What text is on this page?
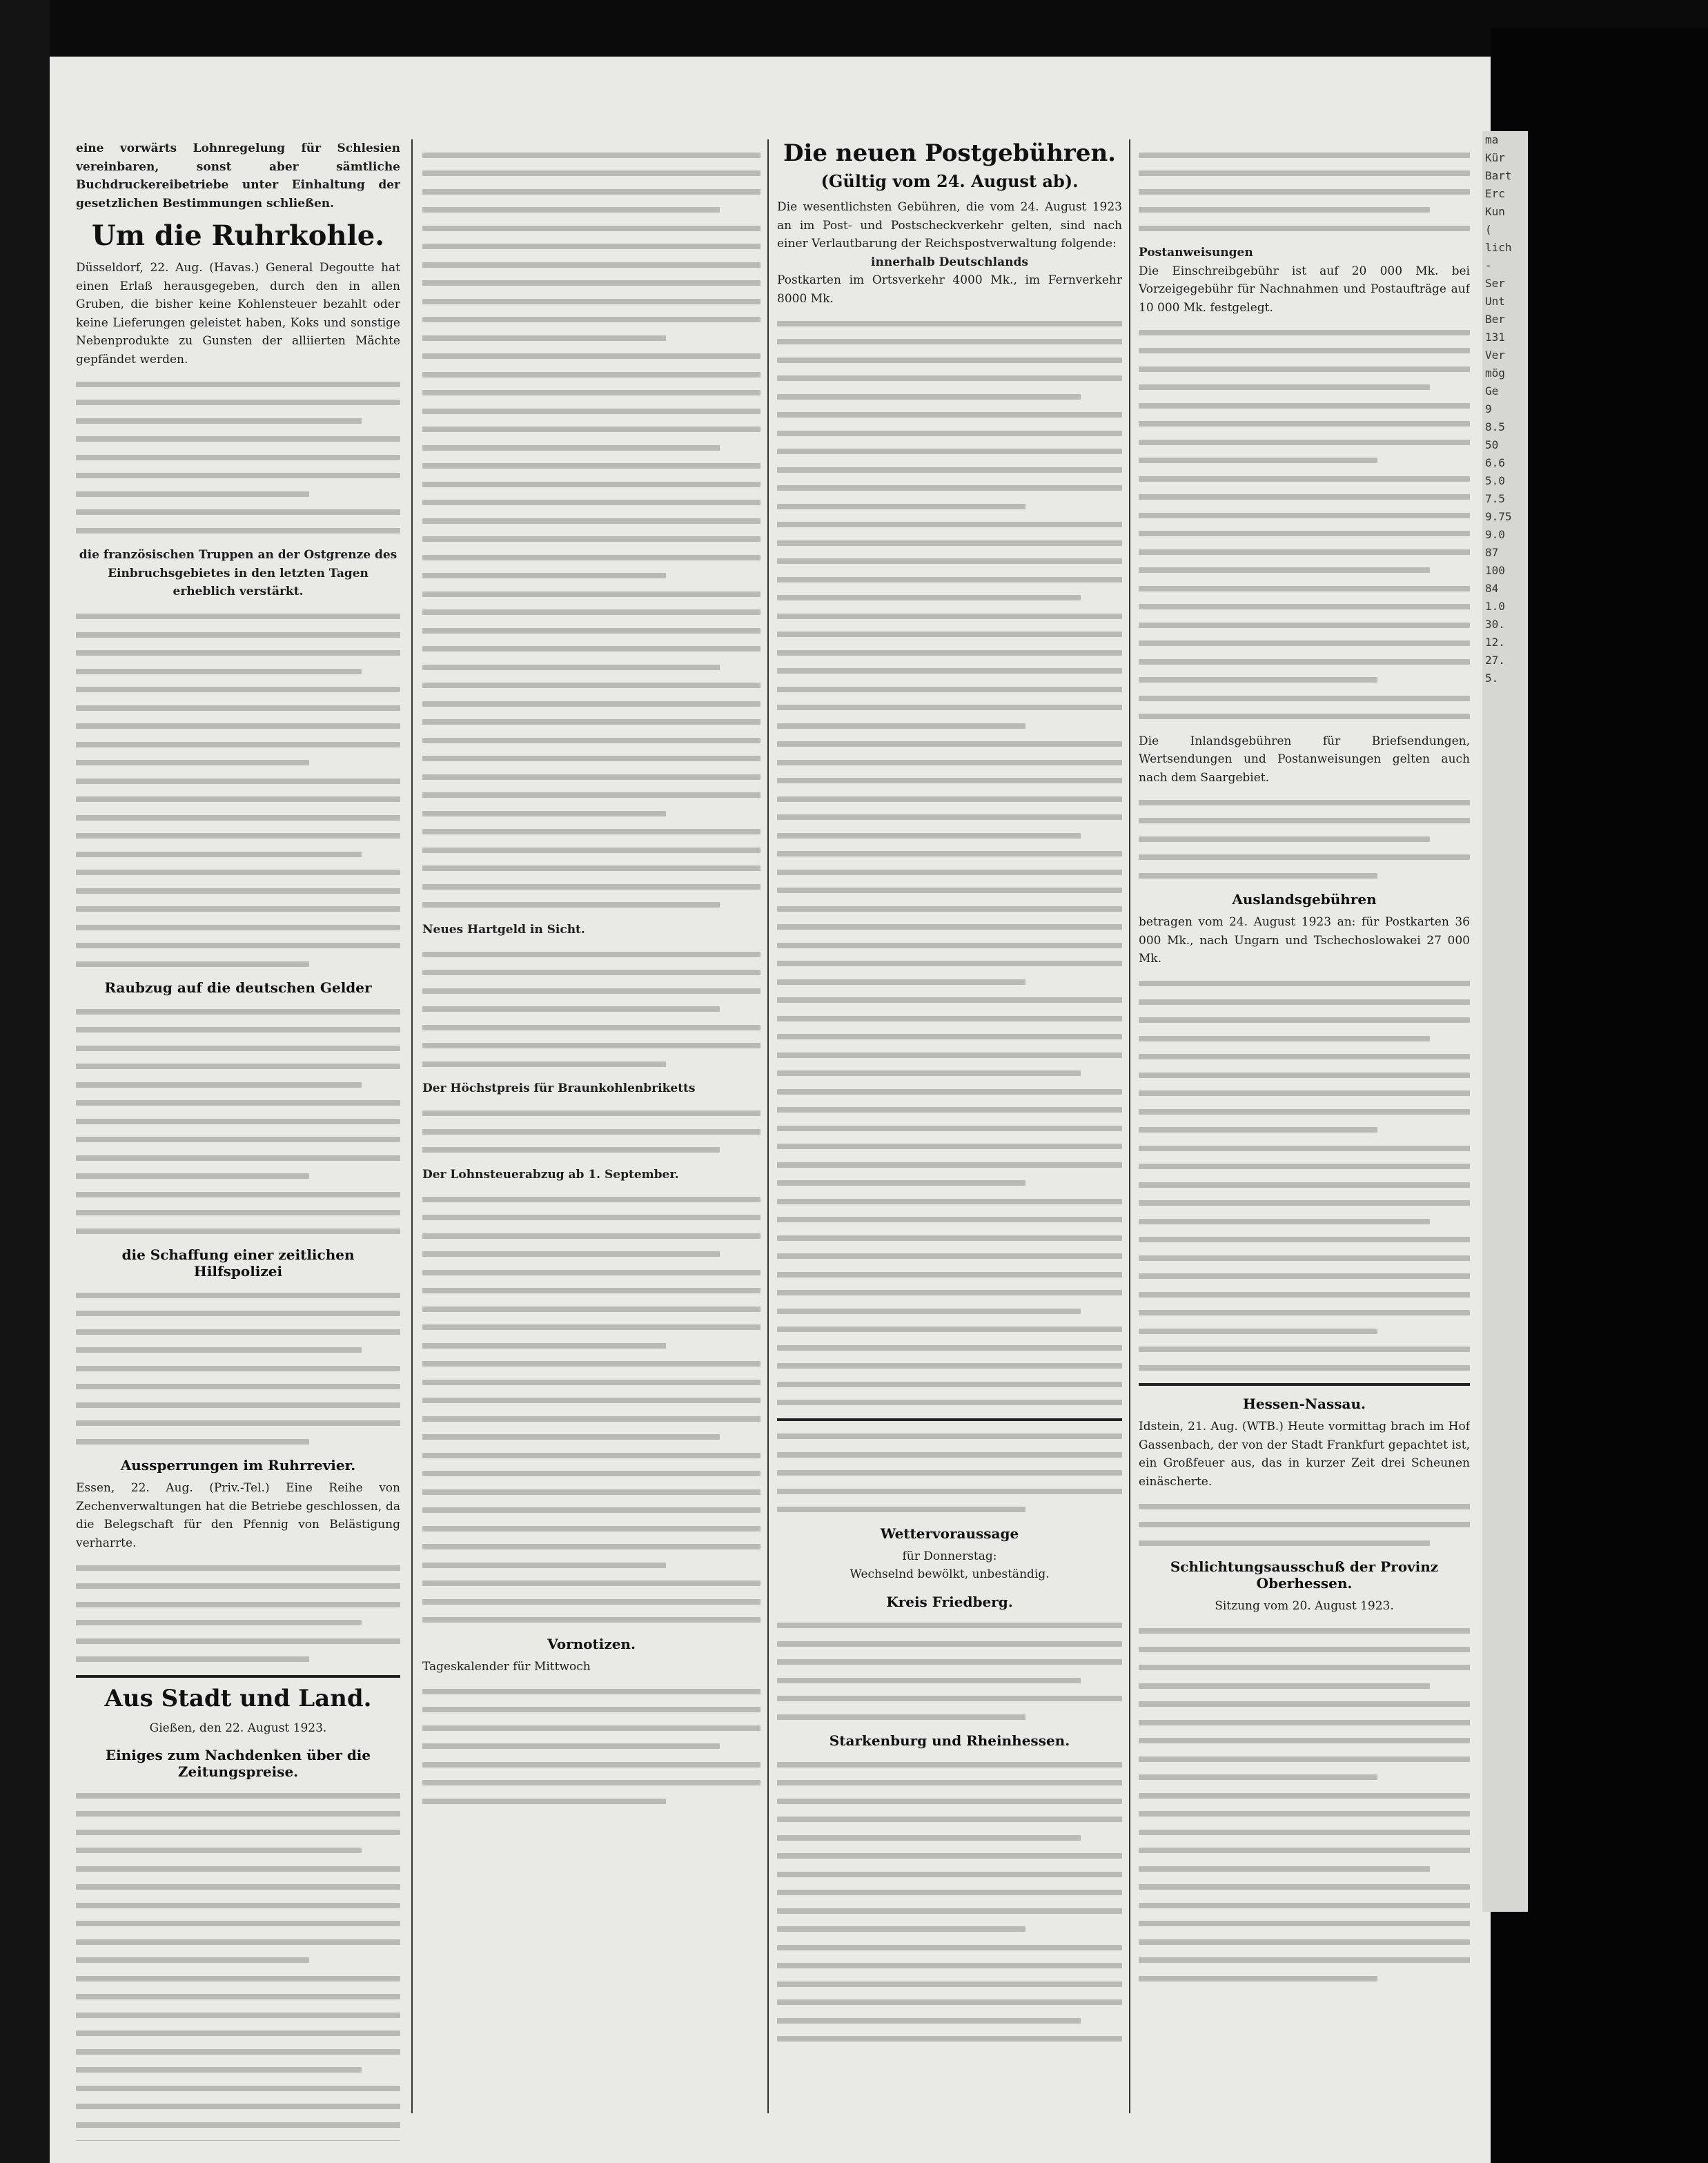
eine vorwärts Lohnregelung für Schlesien vereinbaren, sonst aber sämtliche Buchdruckereibetriebe unter Einhaltung der gesetzlichen Bestimmungen schließen.

Um die Ruhrkohle.

Düsseldorf, 22. Aug. (Havas.) General Degoutte hat einen Erlaß herausgegeben, durch den in allen Gruben, die bisher keine Kohlensteuer bezahlt oder keine Lieferungen geleistet haben, Koks und sonstige Nebenprodukte zu Gunsten der alliierten Mächte gepfändet werden.

die französischen Truppen an der Ostgrenze des Einbruchsgebietes in den letzten Tagen erheblich verstärkt.

Raubzug auf die deutschen Gelder
die Schaffung einer zeitlichen Hilfspolizei
Aussperrungen im Ruhrrevier.

Essen, 22. Aug. (Priv.-Tel.) Eine Reihe von Zechenverwaltungen hat die Betriebe geschlossen, da die Belegschaft für den Pfennig von Belästigung verharrte.

Aus Stadt und Land.
Gießen, den 22. August 1923.
Einiges zum Nachdenken über die Zeitungspreise.

Neues Hartgeld in Sicht.

Der Höchstpreis für Braunkohlenbriketts

Der Lohnsteuerabzug ab 1. September.

Vornotizen.

Tageskalender für Mittwoch

Die neuen Postgebühren.
(Gültig vom 24. August ab).

Die wesentlichsten Gebühren, die vom 24. August 1923 an im Post- und Postscheckverkehr gelten, sind nach einer Verlautbarung der Reichspostverwaltung folgende:

innerhalb Deutschlands

Postkarten im Ortsverkehr 4000 Mk., im Fernverkehr 8000 Mk.

Wettervoraussage
für Donnerstag:
Wechselnd bewölkt, unbeständig.
Kreis Friedberg.
Starkenburg und Rheinhessen.

Postanweisungen

Die Einschreibgebühr ist auf 20 000 Mk. bei Vorzeigegebühr für Nachnahmen und Postaufträge auf 10 000 Mk. festgelegt.

Die Inlandsgebühren für Briefsendungen, Wertsendungen und Postanweisungen gelten auch nach dem Saargebiet.

Auslandsgebühren

betragen vom 24. August 1923 an: für Postkarten 36 000 Mk., nach Ungarn und Tschechoslowakei 27 000 Mk.

Hessen-Nassau.

Idstein, 21. Aug. (WTB.) Heute vormittag brach im Hof Gassenbach, der von der Stadt Frankfurt gepachtet ist, ein Großfeuer aus, das in kurzer Zeit drei Scheunen einäscherte.

Schlichtungsausschuß der Provinz Oberhessen.
Sitzung vom 20. August 1923.
ma
Kür
Bart
Erc
Kun
(
lich
-
Ser
Unt
Ber
131
Ver
mög
Ge
9
8.5
50
6.6
5.0
7.5
9.75
9.0
87
100
84
1.0
30.
12.
27.
5.
